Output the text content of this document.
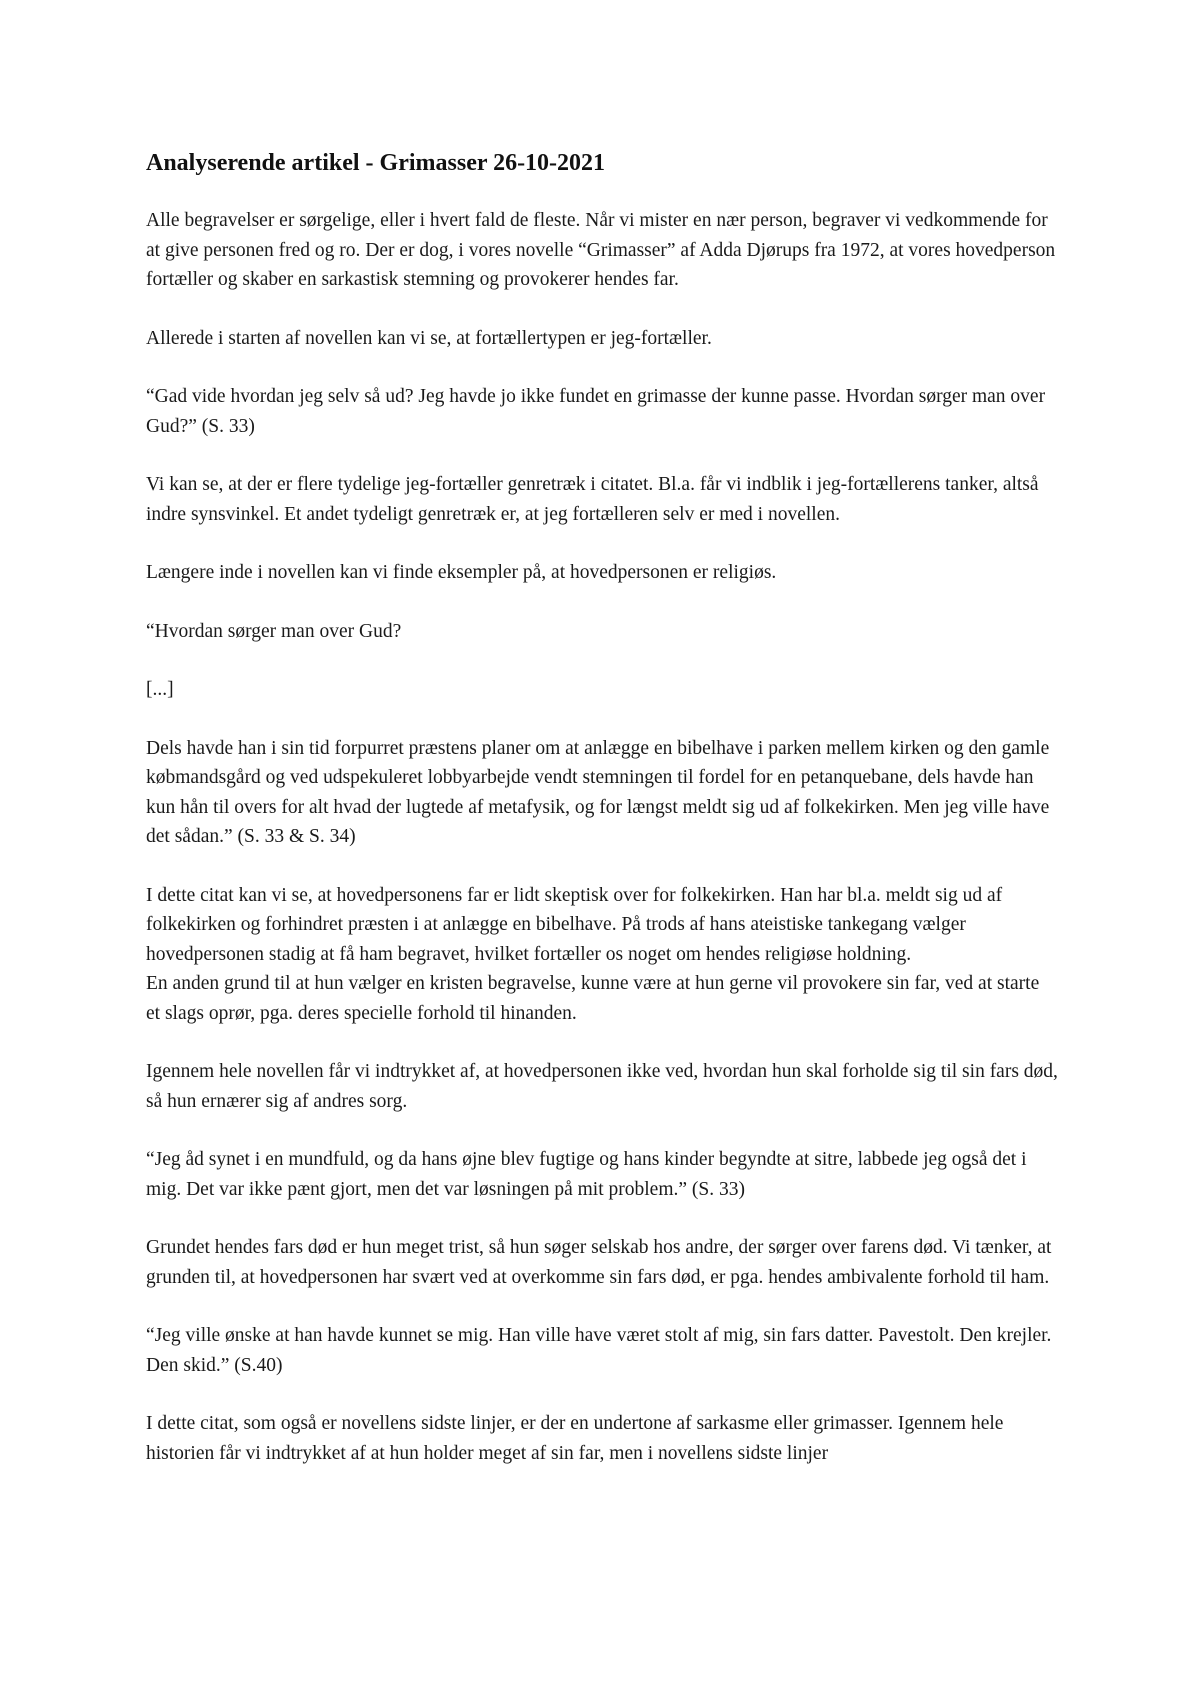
Analyserende artikel - Grimasser 26-10-2021

Alle begravelser er sørgelige, eller i hvert fald de fleste. Når vi mister en nær person, begraver vi vedkommende for at give personen fred og ro. Der er dog, i vores novelle “Grimasser” af Adda Djørups fra 1972, at vores hovedperson fortæller og skaber en sarkastisk stemning og provokerer hendes far.

Allerede i starten af novellen kan vi se, at fortællertypen er jeg-fortæller.

“Gad vide hvordan jeg selv så ud? Jeg havde jo ikke fundet en grimasse der kunne passe. Hvordan sørger man over Gud?” (S. 33)

Vi kan se, at der er flere tydelige jeg-fortæller genretræk i citatet. Bl.a. får vi indblik i jeg-fortællerens tanker, altså indre synsvinkel. Et andet tydeligt genretræk er, at jeg fortælleren selv er med i novellen.

Længere inde i novellen kan vi finde eksempler på, at hovedpersonen er religiøs.

“Hvordan sørger man over Gud?

[...]

Dels havde han i sin tid forpurret præstens planer om at anlægge en bibelhave i parken mellem kirken og den gamle købmandsgård og ved udspekuleret lobbyarbejde vendt stemningen til fordel for en petanquebane, dels havde han kun hån til overs for alt hvad der lugtede af metafysik, og for længst meldt sig ud af folkekirken. Men jeg ville have det sådan.” (S. 33 & S. 34)

I dette citat kan vi se, at hovedpersonens far er lidt skeptisk over for folkekirken. Han har bl.a. meldt sig ud af folkekirken og forhindret præsten i at anlægge en bibelhave. På trods af hans ateistiske tankegang vælger hovedpersonen stadig at få ham begravet, hvilket fortæller os noget om hendes religiøse holdning.

En anden grund til at hun vælger en kristen begravelse, kunne være at hun gerne vil provokere sin far, ved at starte et slags oprør, pga. deres specielle forhold til hinanden.

Igennem hele novellen får vi indtrykket af, at hovedpersonen ikke ved, hvordan hun skal forholde sig til sin fars død, så hun ernærer sig af andres sorg.

“Jeg åd synet i en mundfuld, og da hans øjne blev fugtige og hans kinder begyndte at sitre, labbede jeg også det i mig. Det var ikke pænt gjort, men det var løsningen på mit problem.” (S. 33)

Grundet hendes fars død er hun meget trist, så hun søger selskab hos andre, der sørger over farens død. Vi tænker, at grunden til, at hovedpersonen har svært ved at overkomme sin fars død, er pga. hendes ambivalente forhold til ham.

“Jeg ville ønske at han havde kunnet se mig. Han ville have været stolt af mig, sin fars datter. Pavestolt. Den krejler. Den skid.” (S.40)

I dette citat, som også er novellens sidste linjer, er der en undertone af sarkasme eller grimasser. Igennem hele historien får vi indtrykket af at hun holder meget af sin far, men i novellens sidste linjer
